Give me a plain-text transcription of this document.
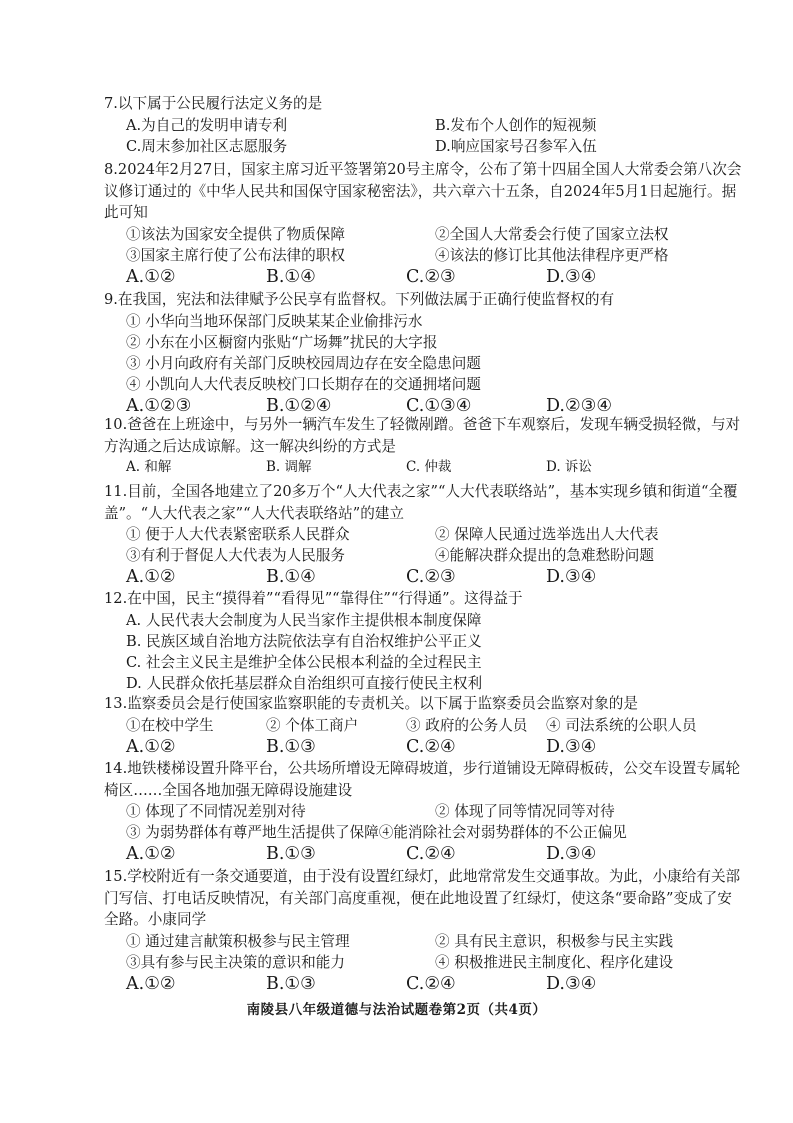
7.以下属于公民履行法定义务的是

A.为自己的发明申请专利	B.发布个人创作的短视频
C.周末参加社区志愿服务	D.响应国家号召参军入伍

8.2024年2月27日，国家主席习近平签署第20号主席令，公布了第十四届全国人大常委会第八次会议修订通过的《中华人民共和国保守国家秘密法》，共六章六十五条，自2024年5月1日起施行。据此可知

①该法为国家安全提供了物质保障	②全国人大常委会行使了国家立法权
③国家主席行使了公布法律的职权	④该法的修订比其他法律程序更严格
A.①②	B.①④	C.②③	D.③④

9.在我国，宪法和法律赋予公民享有监督权。下列做法属于正确行使监督权的有

① 小华向当地环保部门反映某某企业偷排污水
② 小东在小区橱窗内张贴“广场舞”扰民的大字报
③ 小月向政府有关部门反映校园周边存在安全隐患问题
④ 小凯向人大代表反映校门口长期存在的交通拥堵问题
A.①②③	B.①②④	C.①③④	D.②③④

10.爸爸在上班途中，与另外一辆汽车发生了轻微剐蹭。爸爸下车观察后，发现车辆受损轻微，与对方沟通之后达成谅解。这一解决纠纷的方式是

A. 和解	B. 调解	C. 仲裁	D. 诉讼

11.目前，全国各地建立了20多万个“人大代表之家”“人大代表联络站”，基本实现乡镇和街道“全覆盖”。“人大代表之家”“人大代表联络站”的建立

① 便于人大代表紧密联系人民群众	② 保障人民通过选举选出人大代表
③有利于督促人大代表为人民服务	④能解决群众提出的急难愁盼问题
A.①②	B.①④	C.②③	D.③④

12.在中国，民主“摸得着”“看得见”“靠得住”“行得通”。这得益于

A. 人民代表大会制度为人民当家作主提供根本制度保障
B. 民族区域自治地方法院依法享有自治权维护公平正义
C. 社会主义民主是维护全体公民根本利益的全过程民主
D. 人民群众依托基层群众自治组织可直接行使民主权利

13.监察委员会是行使国家监察职能的专责机关。以下属于监察委员会监察对象的是

①在校中学生	② 个体工商户	③ 政府的公务人员	④ 司法系统的公职人员
A.①②	B.①③	C.②④	D.③④

14.地铁楼梯设置升降平台，公共场所增设无障碍坡道，步行道铺设无障碍板砖，公交车设置专属轮椅区……全国各地加强无障碍设施建设

① 体现了不同情况差别对待	② 体现了同等情况同等对待
③ 为弱势群体有尊严地生活提供了保障 ④能消除社会对弱势群体的不公正偏见
A.①②	B.①③	C.②④	D.③④

15.学校附近有一条交通要道，由于没有设置红绿灯，此地常常发生交通事故。为此，小康给有关部门写信、打电话反映情况，有关部门高度重视，便在此地设置了红绿灯，使这条“要命路”变成了安全路。小康同学

① 通过建言献策积极参与民主管理	② 具有民主意识，积极参与民主实践
③具有参与民主决策的意识和能力	④ 积极推进民主制度化、程序化建设
A.①②	B.①③	C.②④	D.③④
南陵县八年级道德与法治试题卷第2页（共4页）
